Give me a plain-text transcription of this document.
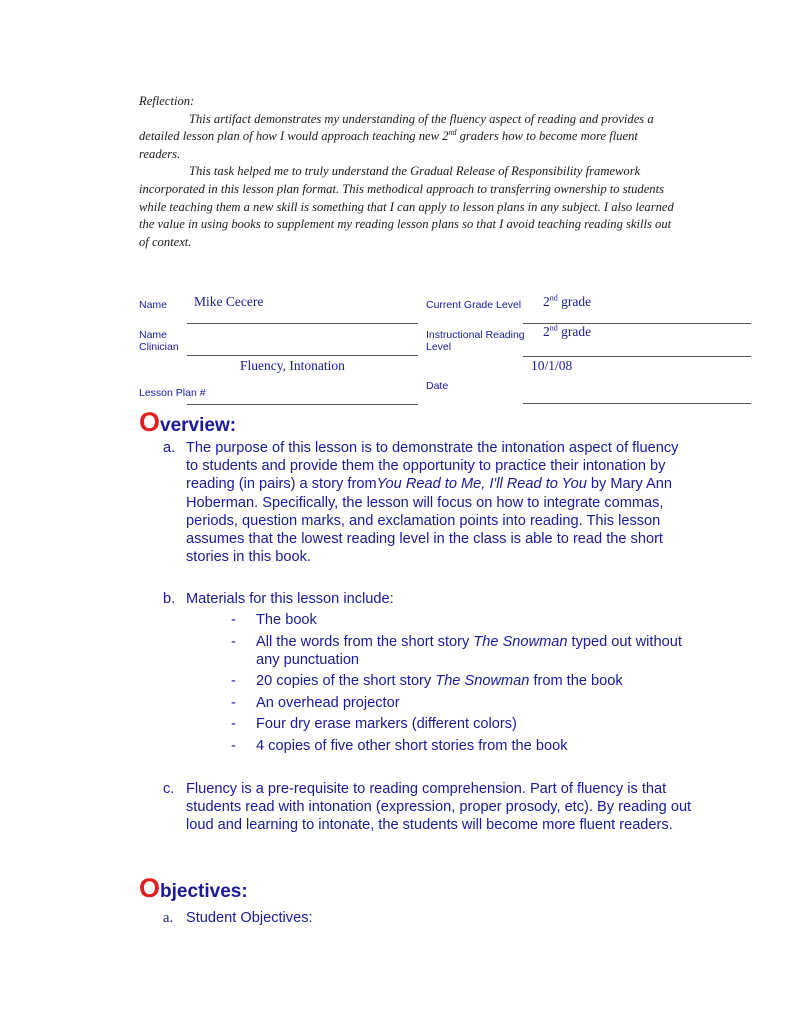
Reflection:

This artifact demonstrates my understanding of the fluency aspect of reading and provides a detailed lesson plan of how I would approach teaching new 2nd graders how to become more fluent readers.

This task helped me to truly understand the Gradual Release of Responsibility framework incorporated in this lesson plan format. This methodical approach to transferring ownership to students while teaching them a new skill is something that I can apply to lesson plans in any subject. I also learned the value in using books to supplement my reading lesson plans so that I avoid teaching reading skills out of context.

Name Mike Cecere
Name
Clinician
Fluency, Intonation
Lesson Plan #
Current Grade Level 2nd grade
Instructional Reading
Level
2nd grade
10/1/08
Date
Overview:
a. The purpose of this lesson is to demonstrate the intonation aspect of fluency to students and provide them the opportunity to practice their intonation by reading (in pairs) a story fromYou Read to Me, I'll Read to You by Mary Ann Hoberman. Specifically, the lesson will focus on how to integrate commas, periods, question marks, and exclamation points into reading. This lesson assumes that the lowest reading level in the class is able to read the short stories in this book.
b. Materials for this lesson include:
- The book
- All the words from the short story The Snowman typed out without any punctuation
- 20 copies of the short story The Snowman from the book
- An overhead projector
- Four dry erase markers (different colors)
- 4 copies of five other short stories from the book
c. Fluency is a pre-requisite to reading comprehension. Part of fluency is that students read with intonation (expression, proper prosody, etc). By reading out loud and learning to intonate, the students will become more fluent readers.
Objectives:
a. Student Objectives:
